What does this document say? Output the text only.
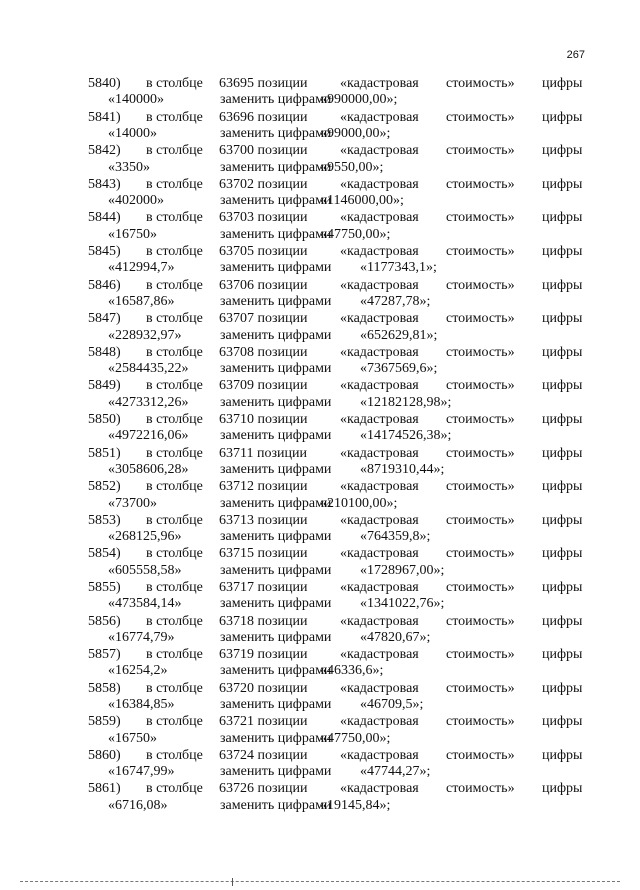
267
5840) в столбце 63695 позиции «кадастровая стоимость» цифры
«140000»	заменить цифрами
«990000,00»;
5841) в столбце 63696 позиции «кадастровая стоимость» цифры
«14000»	заменить цифрами
«99000,00»;
5842) в столбце 63700 позиции «кадастровая стоимость» цифры
«3350»	заменить цифрами
«9550,00»;
5843) в столбце 63702 позиции «кадастровая стоимость» цифры
«402000»	заменить цифрами
«1146000,00»;
5844) в столбце 63703 позиции «кадастровая стоимость» цифры
«16750»	заменить цифрами
«47750,00»;
5845) в столбце 63705 позиции «кадастровая стоимость» цифры
«412994,7»	заменить цифрами «1177343,1»;
5846) в столбце 63706 позиции «кадастровая стоимость» цифры
«16587,86»	заменить цифрами «47287,78»;
5847) в столбце 63707 позиции «кадастровая стоимость» цифры
«228932,97»	заменить цифрами «652629,81»;
5848) в столбце 63708 позиции «кадастровая стоимость» цифры
«2584435,22» заменить цифрами «7367569,6»;
5849) в столбце 63709 позиции «кадастровая стоимость» цифры
«4273312,26» заменить цифрами «12182128,98»;
5850) в столбце 63710 позиции «кадастровая стоимость» цифры
«4972216,06» заменить цифрами «14174526,38»;
5851) в столбце 63711 позиции «кадастровая стоимость» цифры
«3058606,28» заменить цифрами «8719310,44»;
5852) в столбце 63712 позиции «кадастровая стоимость» цифры
«73700»	заменить цифрами
«210100,00»;
5853) в столбце 63713 позиции «кадастровая стоимость» цифры
«268125,96»	заменить цифрами «764359,8»;
5854) в столбце 63715 позиции «кадастровая стоимость» цифры
«605558,58»	заменить цифрами «1728967,00»;
5855) в столбце 63717 позиции «кадастровая стоимость» цифры
«473584,14»	заменить цифрами «1341022,76»;
5856) в столбце 63718 позиции «кадастровая стоимость» цифры
«16774,79»	заменить цифрами «47820,67»;
5857) в столбце 63719 позиции «кадастровая стоимость» цифры
«16254,2»	заменить цифрами
«46336,6»;
5858) в столбце 63720 позиции «кадастровая стоимость» цифры
«16384,85»	заменить цифрами «46709,5»;
5859) в столбце 63721 позиции «кадастровая стоимость» цифры
«16750»	заменить цифрами
«47750,00»;
5860) в столбце 63724 позиции «кадастровая стоимость» цифры
«16747,99»	заменить цифрами «47744,27»;
5861) в столбце 63726 позиции «кадастровая стоимость» цифры
«6716,08»	заменить цифрами
«19145,84»;
